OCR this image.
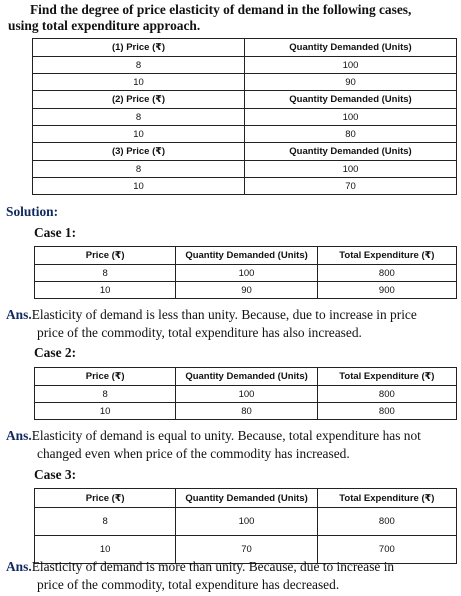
Find the degree of price elasticity of demand in the following cases,
using total expenditure approach.
(1) Price (₹)	Quantity Demanded (Units)
8	100
10	90
(2) Price (₹)	Quantity Demanded (Units)
8	100
10	80
(3) Price (₹)	Quantity Demanded (Units)
8	100
10	70
Solution:
Case 1:
Price (₹)	Quantity Demanded (Units)	Total Expenditure (₹)
8	100	800
10	90	900
Ans.Elasticity of demand is less than unity. Because, due to increase in price
price of the commodity, total expenditure has also increased.
Case 2:
Price (₹)	Quantity Demanded (Units)	Total Expenditure (₹)
8	100	800
10	80	800
Ans.Elasticity of demand is equal to unity. Because, total expenditure has not
changed even when price of the commodity has increased.
Case 3:
Price (₹)	Quantity Demanded (Units)	Total Expenditure (₹)
8	100	800
10	70	700
Ans.Elasticity of demand is more than unity. Because, due to increase in
price of the commodity, total expenditure has decreased.
